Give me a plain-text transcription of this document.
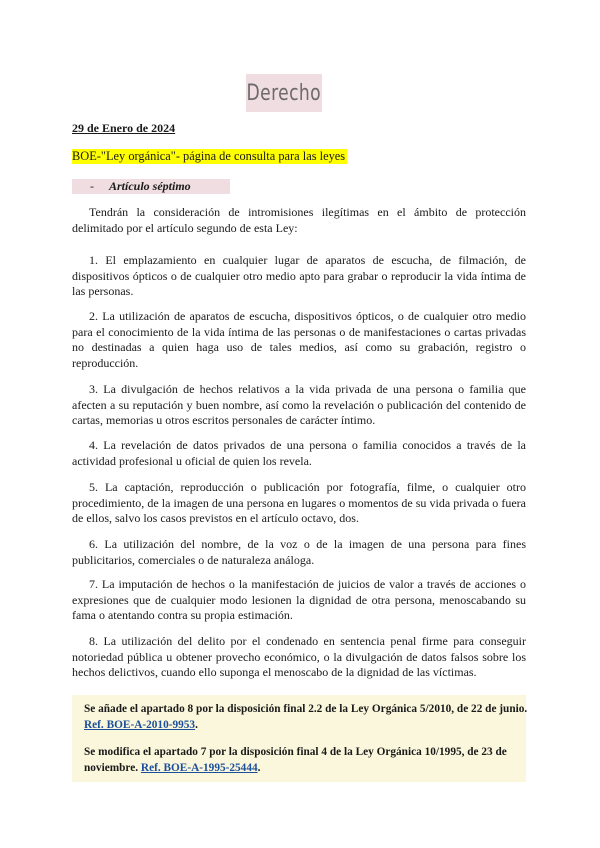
Derecho
29 de Enero de 2024
BOE-"Ley orgánica"- página de consulta para las leyes
- Artículo séptimo

Tendrán la consideración de intromisiones ilegítimas en el ámbito de protección delimitado por el artículo segundo de esta Ley:

1. El emplazamiento en cualquier lugar de aparatos de escucha, de filmación, de dispositivos ópticos o de cualquier otro medio apto para grabar o reproducir la vida íntima de las personas.

2. La utilización de aparatos de escucha, dispositivos ópticos, o de cualquier otro medio para el conocimiento de la vida íntima de las personas o de manifestaciones o cartas privadas no destinadas a quien haga uso de tales medios, así como su grabación, registro o reproducción.

3. La divulgación de hechos relativos a la vida privada de una persona o familia que afecten a su reputación y buen nombre, así como la revelación o publicación del contenido de cartas, memorias u otros escritos personales de carácter íntimo.

4. La revelación de datos privados de una persona o familia conocidos a través de la actividad profesional u oficial de quien los revela.

5. La captación, reproducción o publicación por fotografía, filme, o cualquier otro procedimiento, de la imagen de una persona en lugares o momentos de su vida privada o fuera de ellos, salvo los casos previstos en el artículo octavo, dos.

6. La utilización del nombre, de la voz o de la imagen de una persona para fines publicitarios, comerciales o de naturaleza análoga.

7. La imputación de hechos o la manifestación de juicios de valor a través de acciones o expresiones que de cualquier modo lesionen la dignidad de otra persona, menoscabando su fama o atentando contra su propia estimación.

8. La utilización del delito por el condenado en sentencia penal firme para conseguir notoriedad pública u obtener provecho económico, o la divulgación de datos falsos sobre los hechos delictivos, cuando ello suponga el menoscabo de la dignidad de las víctimas.

Se añade el apartado 8 por la disposición final 2.2 de la Ley Orgánica 5/2010, de 22 de junio.
Ref. BOE-A-2010-9953.
Se modifica el apartado 7 por la disposición final 4 de la Ley Orgánica 10/1995, de 23 de
noviembre. Ref. BOE-A-1995-25444.
